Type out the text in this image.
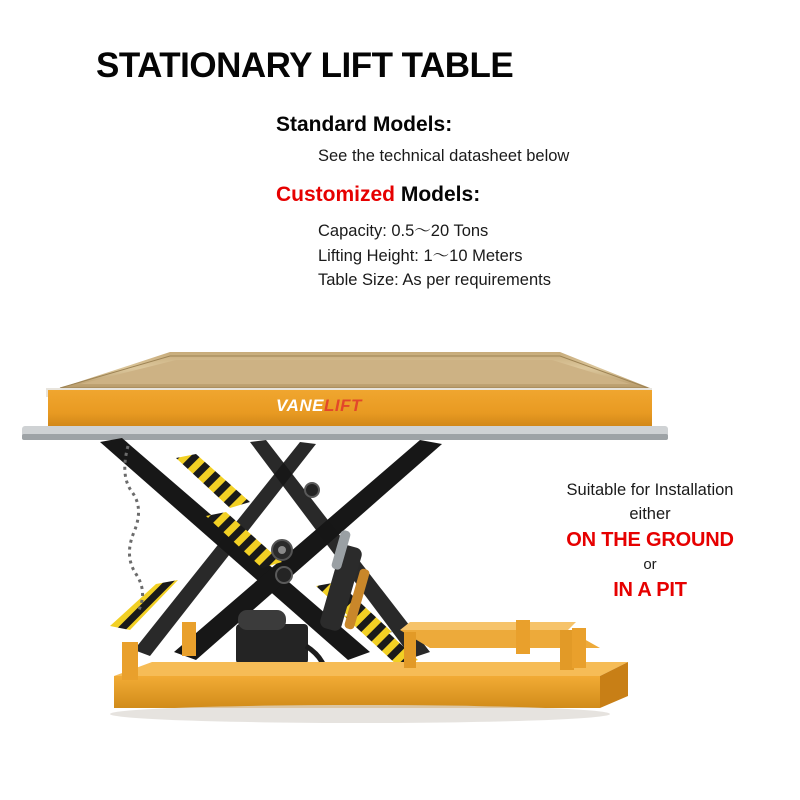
STATIONARY LIFT TABLE
Standard Models:
See the technical datasheet below
Customized Models:
Capacity: 0.5～20 Tons
Lifting Height: 1～10 Meters
Table Size: As per requirements
Suitable for Installation
either
ON THE GROUND
or
IN A PIT
VANELIFT
